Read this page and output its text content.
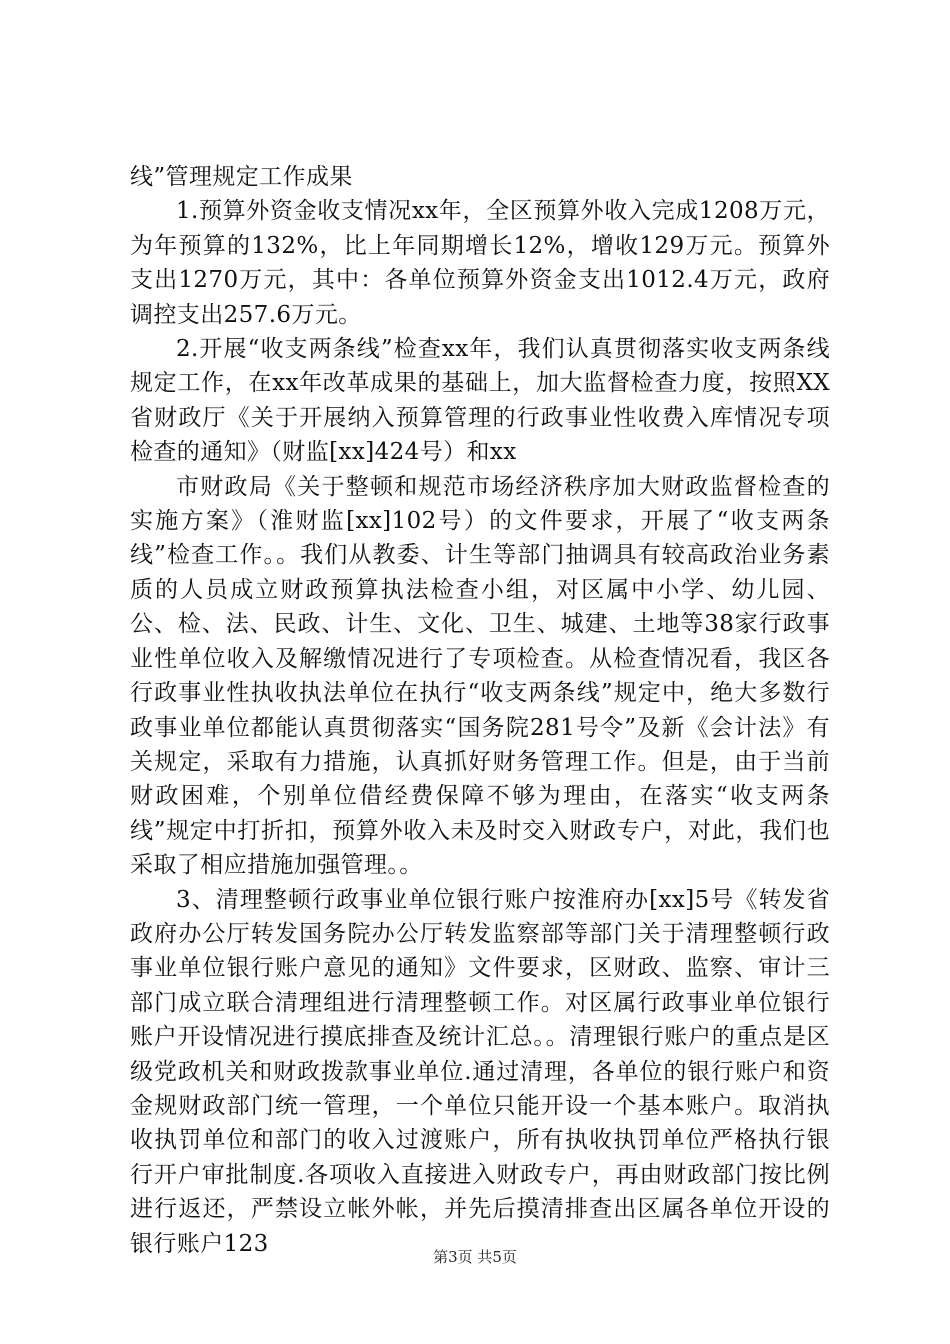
线”管理规定工作成果

1.预算外资金收支情况xx年，全区预算外收入完成1208万元，为年预算的132%，比上年同期增长12%，增收129万元。预算外支出1270万元，其中：各单位预算外资金支出1012.4万元，政府调控支出257.6万元。

2.开展“收支两条线”检查xx年，我们认真贯彻落实收支两条线规定工作，在xx年改革成果的基础上，加大监督检查力度，按照XX省财政厅《关于开展纳入预算管理的行政事业性收费入库情况专项检查的通知》（财监[xx]424号）和xx

市财政局《关于整顿和规范市场经济秩序加大财政监督检查的实施方案》（淮财监[xx]102号）的文件要求，开展了“收支两条线”检查工作。。我们从教委、计生等部门抽调具有较高政治业务素质的人员成立财政预算执法检查小组，对区属中小学、幼儿园、公、检、法、民政、计生、文化、卫生、城建、土地等38家行政事业性单位收入及解缴情况进行了专项检查。从检查情况看，我区各行政事业性执收执法单位在执行“收支两条线”规定中，绝大多数行政事业单位都能认真贯彻落实“国务院281号令”及新《会计法》有关规定，采取有力措施，认真抓好财务管理工作。但是，由于当前财政困难，个别单位借经费保障不够为理由，在落实“收支两条线”规定中打折扣，预算外收入未及时交入财政专户，对此，我们也采取了相应措施加强管理。。

3、清理整顿行政事业单位银行账户按淮府办[xx]5号《转发省政府办公厅转发国务院办公厅转发监察部等部门关于清理整顿行政事业单位银行账户意见的通知》文件要求，区财政、监察、审计三部门成立联合清理组进行清理整顿工作。对区属行政事业单位银行账户开设情况进行摸底排查及统计汇总。。清理银行账户的重点是区级党政机关和财政拨款事业单位.通过清理，各单位的银行账户和资金规财政部门统一管理，一个单位只能开设一个基本账户。取消执收执罚单位和部门的收入过渡账户，所有执收执罚单位严格执行银行开户审批制度.各项收入直接进入财政专户，再由财政部门按比例进行返还，严禁设立帐外帐，并先后摸清排查出区属各单位开设的银行账户123

第3页 共5页
